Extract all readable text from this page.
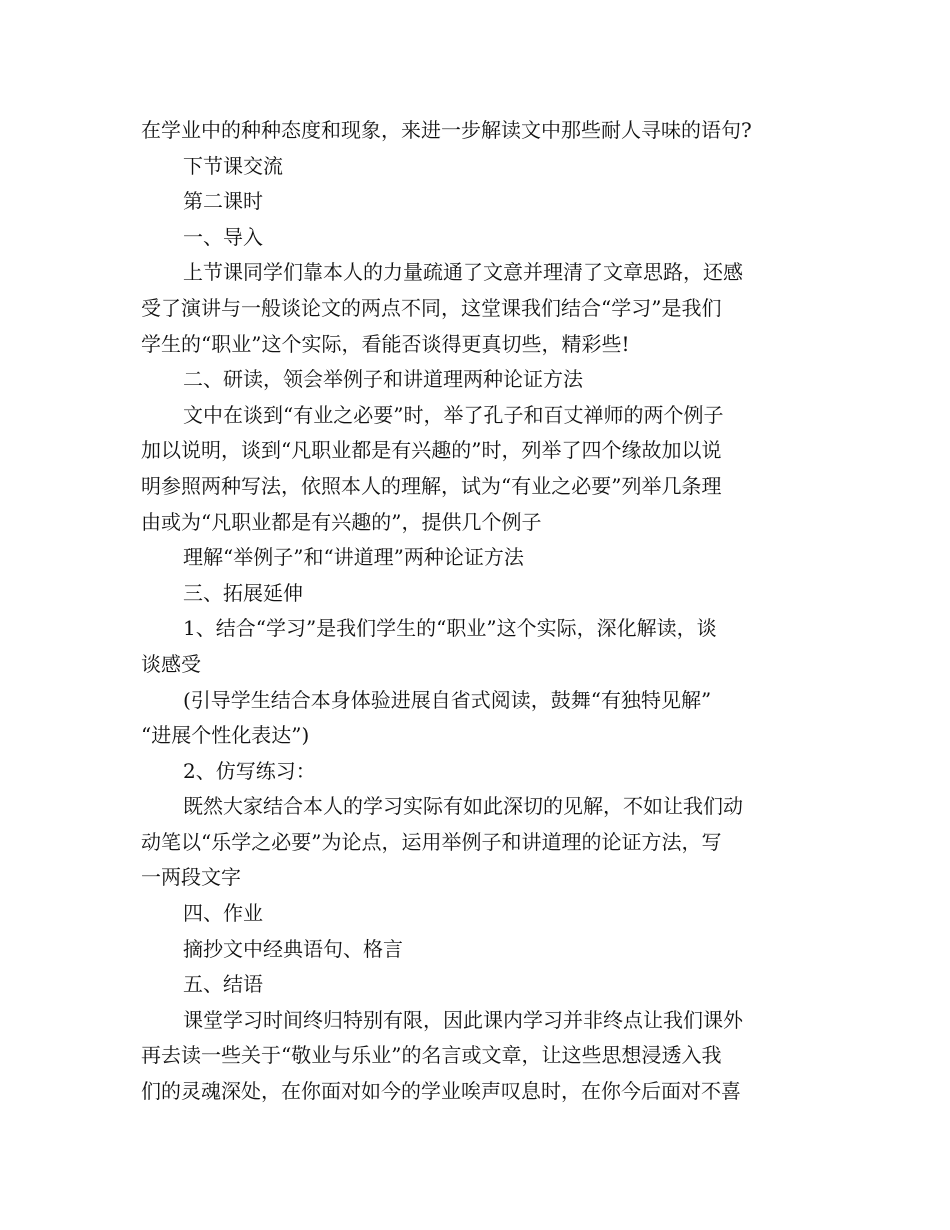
在学业中的种种态度和现象，来进一步解读文中那些耐人寻味的语句?
下节课交流
第二课时
一、导入
上节课同学们靠本人的力量疏通了文意并理清了文章思路，还感
受了演讲与一般谈论文的两点不同，这堂课我们结合“学习”是我们
学生的“职业”这个实际，看能否谈得更真切些，精彩些!
二、研读，领会举例子和讲道理两种论证方法
文中在谈到“有业之必要”时，举了孔子和百丈禅师的两个例子
加以说明，谈到“凡职业都是有兴趣的”时，列举了四个缘故加以说
明参照两种写法，依照本人的理解，试为“有业之必要”列举几条理
由或为“凡职业都是有兴趣的”，提供几个例子
理解“举例子”和“讲道理”两种论证方法
三、拓展延伸
1、结合“学习”是我们学生的“职业”这个实际，深化解读，谈
谈感受
(引导学生结合本身体验进展自省式阅读，鼓舞“有独特见解”
“进展个性化表达”)
2、仿写练习：
既然大家结合本人的学习实际有如此深切的见解，不如让我们动
动笔以“乐学之必要”为论点，运用举例子和讲道理的论证方法，写
一两段文字
四、作业
摘抄文中经典语句、格言
五、结语
课堂学习时间终归特别有限，因此课内学习并非终点让我们课外
再去读一些关于“敬业与乐业”的名言或文章，让这些思想浸透入我
们的灵魂深处，在你面对如今的学业唉声叹息时，在你今后面对不喜
